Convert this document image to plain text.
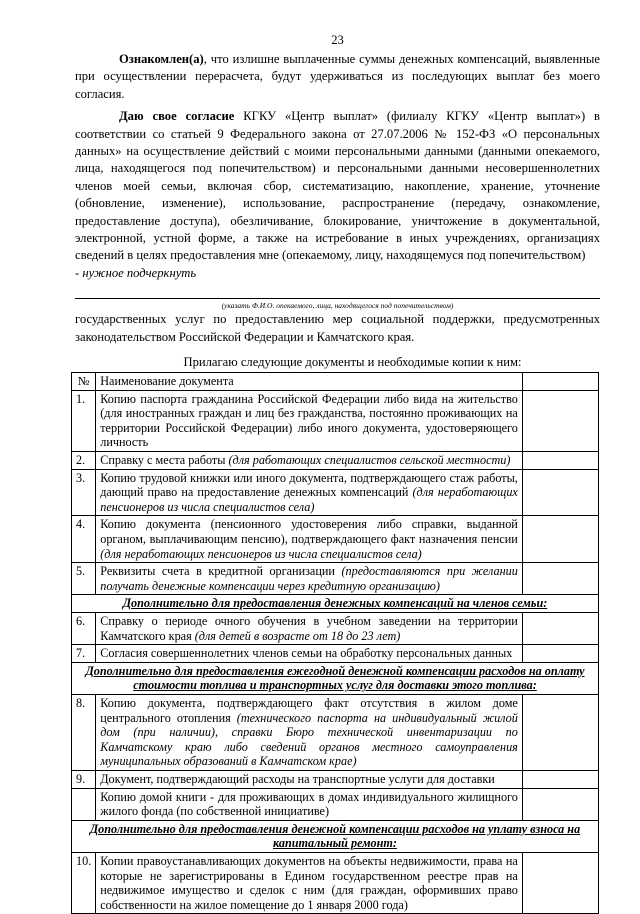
23

Ознакомлен(а), что излишне выплаченные суммы денежных компенсаций, выявленные при осуществлении перерасчета, будут удерживаться из последующих выплат без моего согласия.

Даю свое согласие КГКУ «Центр выплат» (филиалу КГКУ «Центр выплат») в соответствии со статьей 9 Федерального закона от 27.07.2006 № 152-ФЗ «О персональных данных» на осуществление действий с моими персональными данными (данными опекаемого, лица, находящегося под попечительством) и персональными данными несовершеннолетних членов моей семьи, включая сбор, систематизацию, накопление, хранение, уточнение (обновление, изменение), использование, распространение (передачу, ознакомление, предоставление доступа), обезличивание, блокирование, уничтожение в документальной, электронной, устной форме, а также на истребование в иных учреждениях, организациях сведений в целях предоставления мне (опекаемому, лицу, находящемуся под попечительством)
- нужное подчеркнуть

(указать Ф.И.О. опекаемого, лица, находящегося под попечительством)

государственных услуг по предоставлению мер социальной поддержки, предусмотренных законодательством Российской Федерации и Камчатского края.

Прилагаю следующие документы и необходимые копии к ним:
№	Наименование документа	
1.	Копию паспорта гражданина Российской Федерации либо вида на жительство (для иностранных граждан и лиц без гражданства, постоянно проживающих на территории Российской Федерации) либо иного документа, удостоверяющего личность	
2.	Справку с места работы (для работающих специалистов сельской местности)	
3.	Копию трудовой книжки или иного документа, подтверждающего стаж работы, дающий право на предоставление денежных компенсаций (для неработающих пенсионеров из числа специалистов села)	
4.	Копию документа (пенсионного удостоверения либо справки, выданной органом, выплачивающим пенсию), подтверждающего факт назначения пенсии (для неработающих пенсионеров из числа специалистов села)	
5.	Реквизиты счета в кредитной организации (предоставляются при желании получать денежные компенсации через кредитную организацию)	
Дополнительно для предоставления денежных компенсаций на членов семьи:		
6.	Справку о периоде очного обучения в учебном заведении на территории Камчатского края (для детей в возрасте от 18 до 23 лет)	
7.	Согласия совершеннолетних членов семьи на обработку персональных данных	
Дополнительно для предоставления ежегодной денежной компенсации расходов на оплату стоимости топлива и транспортных услуг для доставки этого топлива:		
8.	Копию документа, подтверждающего факт отсутствия в жилом доме центрального отопления (технического паспорта на индивидуальный жилой дом (при наличии), справки Бюро технической инвентаризации по Камчатскому краю либо сведений органов местного самоуправления муниципальных образований в Камчатском крае)	
9.	Документ, подтверждающий расходы на транспортные услуги для доставки	
	Копию домой книги - для проживающих в домах индивидуального жилищного жилого фонда (по собственной инициативе)	
Дополнительно для предоставления денежной компенсации расходов на уплату взноса на капитальный ремонт:		
10.	Копии правоустанавливающих документов на объекты недвижимости, права на которые не зарегистрированы в Едином государственном реестре прав на недвижимое имущество и сделок с ним (для граждан, оформивших право собственности на жилое помещение до 1 января 2000 года)	
